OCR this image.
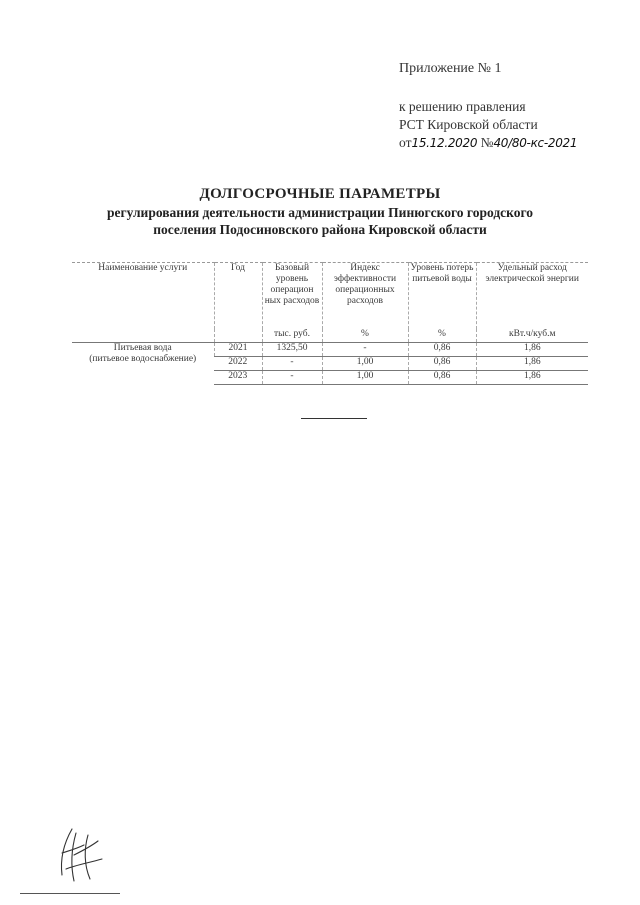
Приложение № 1
к решению правления
РСТ Кировской области
от15.12.2020 №40/80-кс-2021
ДОЛГОСРОЧНЫЕ ПАРАМЕТРЫ
регулирования деятельности администрации Пинюгского городского
поселения Подосиновского района Кировской области
Наименование услуги	Год	Базовый уровень операцион ных расходов	Индекс эффективности операционных расходов	Уровень потерь питьевой воды	Удельный расход электрической энергии
		тыс. руб.	%	%	кВт.ч/куб.м

Питьевая вода
(питьевое водоснабжение)	2021	1325,50	-	0,86	1,86
	2022	-	1,00	0,86	1,86
	2023	-	1,00	0,86	1,86
